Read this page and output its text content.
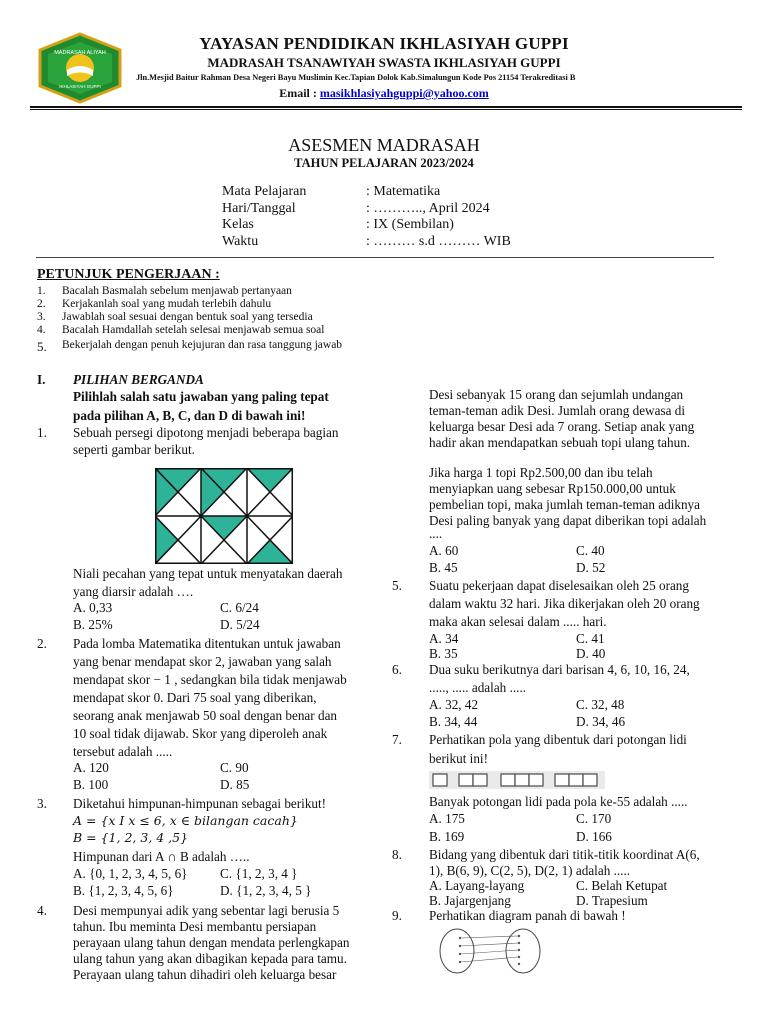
MADRASAH ALIYAH
IKHLASIYAH GUPPI
YAYASAN PENDIDIKAN IKHLASIYAH GUPPI
MADRASAH TSANAWIYAH SWASTA IKHLASIYAH GUPPI
Jln.Mesjid Baitur Rahman Desa Negeri Bayu Muslimin Kec.Tapian Dolok Kab.Simalungun Kode Pos 21154 Terakreditasi B
Email : masikhlasiyahguppi@yahoo.com
ASESMEN MADRASAH
TAHUN PELAJARAN 2023/2024
Mata Pelajaran	: Matematika
Hari/Tanggal	: ……….., April 2024
Kelas	: IX (Sembilan)
Waktu	: ……… s.d ……… WIB
PETUNJUK PENGERJAAN :
1. Bacalah Basmalah sebelum menjawab pertanyaan
2. Kerjakanlah soal yang mudah terlebih dahulu
3. Jawablah soal sesuai dengan bentuk soal yang tersedia
4. Bacalah Hamdallah setelah selesai menjawab semua soal
5. Bekerjalah dengan penuh kejujuran dan rasa tanggung jawab
I. PILIHAN BERGANDA
Pilihlah salah satu jawaban yang paling tepat
pada pilihan A, B, C, dan D di bawah ini!
1. Sebuah persegi dipotong menjadi beberapa bagian
seperti gambar berikut.
Niali pecahan yang tepat untuk menyatakan daerah
yang diarsir adalah ….
A. 0,33	C. 6/24
B. 25%	D. 5/24
2. Pada lomba Matematika ditentukan untuk jawaban
yang benar mendapat skor 2, jawaban yang salah
mendapat skor − 1 , sedangkan bila tidak menjawab
mendapat skor 0. Dari 75 soal yang diberikan,
seorang anak menjawab 50 soal dengan benar dan
10 soal tidak dijawab. Skor yang diperoleh anak
tersebut adalah .....
A. 120	C. 90
B. 100	D. 85
3. Diketahui himpunan-himpunan sebagai berikut!
A = {x I x ≤ 6, x ∈ bilangan cacah}
B = {1, 2, 3, 4 ,5}
Himpunan dari A ∩ B adalah …..
A. {0, 1, 2, 3, 4, 5, 6} C. {1, 2, 3, 4 }
B. {1, 2, 3, 4, 5, 6}	D. {1, 2, 3, 4, 5 }
4. Desi mempunyai adik yang sebentar lagi berusia 5
tahun. Ibu meminta Desi membantu persiapan
perayaan ulang tahun dengan mendata perlengkapan
ulang tahun yang akan dibagikan kepada para tamu.
Perayaan ulang tahun dihadiri oleh keluarga besar
Desi sebanyak 15 orang dan sejumlah undangan
teman-teman adik Desi. Jumlah orang dewasa di
keluarga besar Desi ada 7 orang. Setiap anak yang
hadir akan mendapatkan sebuah topi ulang tahun.
Jika harga 1 topi Rp2.500,00 dan ibu telah
menyiapkan uang sebesar Rp150.000,00 untuk
pembelian topi, maka jumlah teman-teman adiknya
Desi paling banyak yang dapat diberikan topi adalah
....
A. 60	C. 40
B. 45	D. 52
5. Suatu pekerjaan dapat diselesaikan oleh 25 orang
dalam waktu 32 hari. Jika dikerjakan oleh 20 orang
maka akan selesai dalam ..... hari.
A. 34	C. 41
B. 35	D. 40
6. Dua suku berikutnya dari barisan 4, 6, 10, 16, 24,
....., ..... adalah .....
A. 32, 42	C. 32, 48
B. 34, 44	D. 34, 46
7. Perhatikan pola yang dibentuk dari potongan lidi
berikut ini!
Banyak potongan lidi pada pola ke-55 adalah .....
A. 175	C. 170
B. 169	D. 166
8. Bidang yang dibentuk dari titik-titik koordinat A(6,
1), B(6, 9), C(2, 5), D(2, 1) adalah .....
A. Layang-layang	C. Belah Ketupat
B. Jajargenjang	D. Trapesium
9. Perhatikan diagram panah di bawah !
